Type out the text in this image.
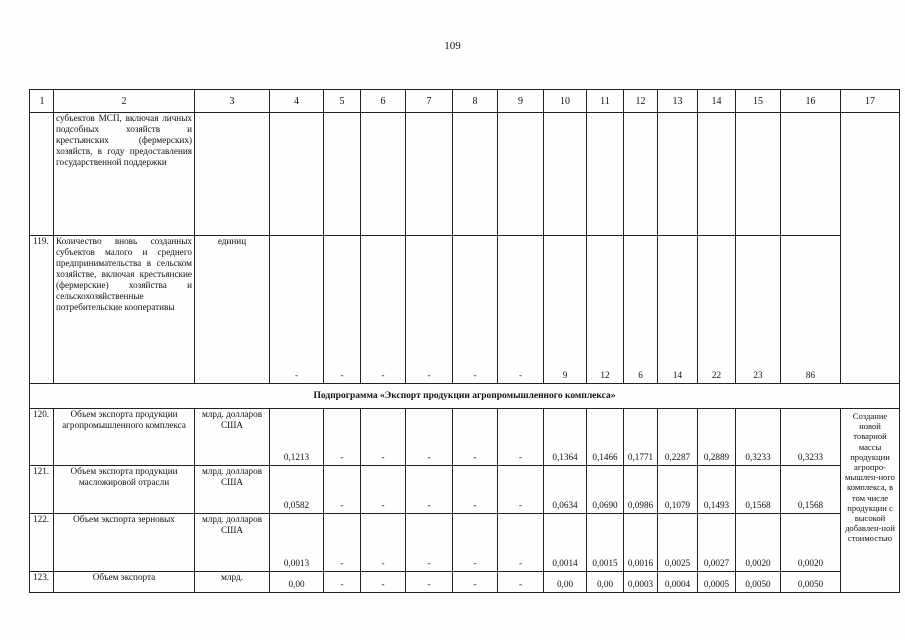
109
1	2	3	4	5	6	7	8	9	10	11	12	13	14	15	16	17
	субъектов МСП, включая личных подсобных хозяйств и крестьянских (фермерских) хозяйств, в году предоставления государственной поддержки															
119.	Количество вновь созданных субъектов малого и среднего предпринимательства в сельском хозяйстве, включая крестьянские (фермерские) хозяйства и сельскохозяйственные потребительские кооперативы	единиц	-	-	-	-	-	-	9	12	6	14	22	23	86	
Подпрограмма «Экспорт продукции агропромышленного комплекса»																
120.	Объем экспорта продукции агропромышленного комплекса	млрд. долларов США	0,1213	-	-	-	-	-	0,1364	0,1466	0,1771	0,2287	0,2889	0,3233	0,3233	Создание новой товарной массы продукции агропро-мышлен-ного комплекса, в том числе продукции с высокой добавлен-ной стоимостью
121.	Объем экспорта продукции масложировой отрасли	млрд. долларов США	0,0582	-	-	-	-	-	0,0634	0,0690	0,0986	0,1079	0,1493	0,1568	0,1568	
122.	Объем экспорта зерновых	млрд. долларов США	0,0013	-	-	-	-	-	0,0014	0,0015	0,0016	0,0025	0,0027	0,0020	0,0020	
123.	Объем экспорта	млрд.	0,00	-	-	-	-	-	0,00	0,00	0,0003	0,0004	0,0005	0,0050	0,0050	
